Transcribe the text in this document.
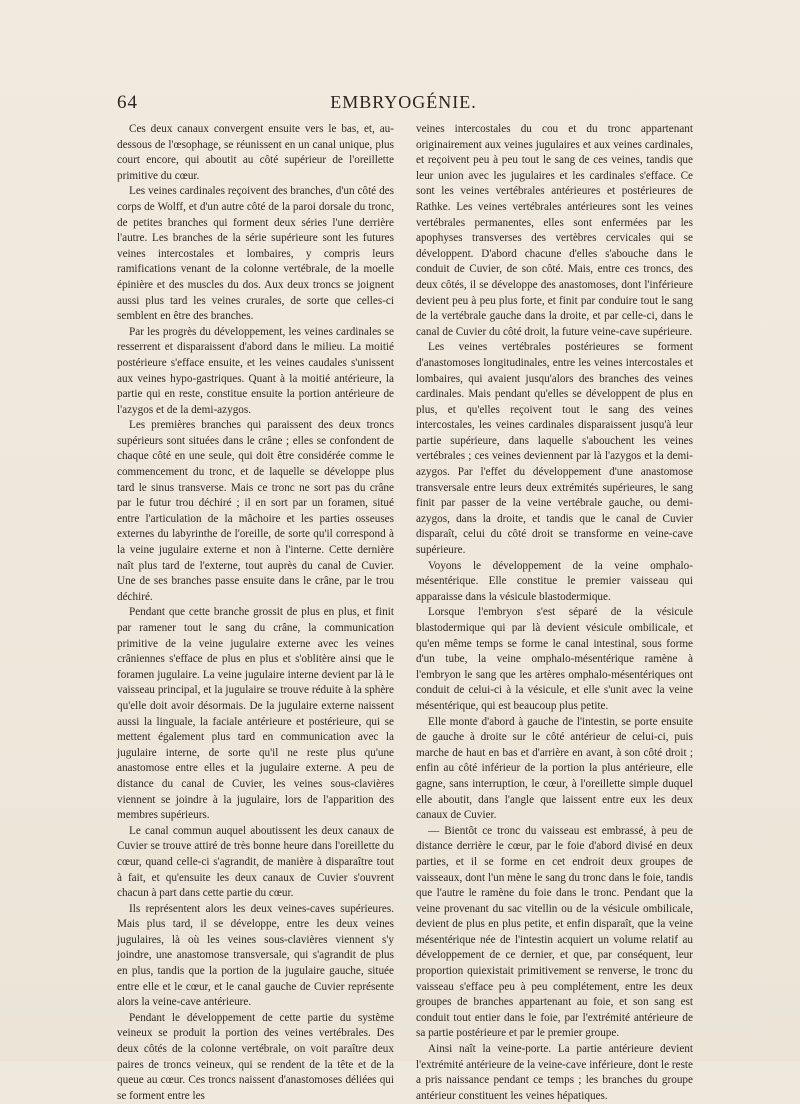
64	EMBRYOGÉNIE.

Ces deux canaux convergent ensuite vers le bas, et, au-dessous de l'œsophage, se réunissent en un canal unique, plus court encore, qui aboutit au côté supérieur de l'oreillette primitive du cœur.

Les veines cardinales reçoivent des branches, d'un côté des corps de Wolff, et d'un autre côté de la paroi dorsale du tronc, de petites branches qui forment deux séries l'une derrière l'autre. Les branches de la série supérieure sont les futures veines intercostales et lombaires, y compris leurs ramifications venant de la colonne vertébrale, de la moelle épinière et des muscles du dos. Aux deux troncs se joignent aussi plus tard les veines crurales, de sorte que celles-ci semblent en être des branches.

Par les progrès du développement, les veines cardinales se resserrent et disparaissent d'abord dans le milieu. La moitié postérieure s'efface ensuite, et les veines caudales s'unissent aux veines hypo-gastriques. Quant à la moitié antérieure, la partie qui en reste, constitue ensuite la portion antérieure de l'azygos et de la demi-azygos.

Les premières branches qui paraissent des deux troncs supérieurs sont situées dans le crâne ; elles se confondent de chaque côté en une seule, qui doit être considérée comme le commencement du tronc, et de laquelle se développe plus tard le sinus transverse. Mais ce tronc ne sort pas du crâne par le futur trou déchiré ; il en sort par un foramen, situé entre l'articulation de la mâchoire et les parties osseuses externes du labyrinthe de l'oreille, de sorte qu'il correspond à la veine jugulaire externe et non à l'interne. Cette dernière naît plus tard de l'externe, tout auprès du canal de Cuvier. Une de ses branches passe ensuite dans le crâne, par le trou déchiré.

Pendant que cette branche grossit de plus en plus, et finit par ramener tout le sang du crâne, la communication primitive de la veine jugulaire externe avec les veines crâniennes s'efface de plus en plus et s'oblitère ainsi que le foramen jugulaire. La veine jugulaire interne devient par là le vaisseau principal, et la jugulaire se trouve réduite à la sphère qu'elle doit avoir désormais. De la jugulaire externe naissent aussi la linguale, la faciale antérieure et postérieure, qui se mettent également plus tard en communication avec la jugulaire interne, de sorte qu'il ne reste plus qu'une anastomose entre elles et la jugulaire externe. A peu de distance du canal de Cuvier, les veines sous-clavières viennent se joindre à la jugulaire, lors de l'apparition des membres supérieurs.

Le canal commun auquel aboutissent les deux canaux de Cuvier se trouve attiré de très bonne heure dans l'oreillette du cœur, quand celle-ci s'agrandit, de manière à disparaître tout à fait, et qu'ensuite les deux canaux de Cuvier s'ouvrent chacun à part dans cette partie du cœur.

Ils représentent alors les deux veines-caves supérieures. Mais plus tard, il se développe, entre les deux veines jugulaires, là où les veines sous-clavières viennent s'y joindre, une anastomose transversale, qui s'agrandit de plus en plus, tandis que la portion de la jugulaire gauche, située entre elle et le cœur, et le canal gauche de Cuvier représente alors la veine-cave antérieure.

Pendant le développement de cette partie du système veineux se produit la portion des veines vertébrales. Des deux côtés de la colonne vertébrale, on voit paraître deux paires de troncs veineux, qui se rendent de la tête et de la queue au cœur. Ces troncs naissent d'anastomoses déliées qui se forment entre les

veines intercostales du cou et du tronc appartenant originairement aux veines jugulaires et aux veines cardinales, et reçoivent peu à peu tout le sang de ces veines, tandis que leur union avec les jugulaires et les cardinales s'efface. Ce sont les veines vertébrales antérieures et postérieures de Rathke. Les veines vertébrales antérieures sont les veines vertébrales permanentes, elles sont enfermées par les apophyses transverses des vertèbres cervicales qui se développent. D'abord chacune d'elles s'abouche dans le conduit de Cuvier, de son côté. Mais, entre ces troncs, des deux côtés, il se développe des anastomoses, dont l'inférieure devient peu à peu plus forte, et finit par conduire tout le sang de la vertébrale gauche dans la droite, et par celle-ci, dans le canal de Cuvier du côté droit, la future veine-cave supérieure.

Les veines vertébrales postérieures se forment d'anastomoses longitudinales, entre les veines intercostales et lombaires, qui avaient jusqu'alors des branches des veines cardinales. Mais pendant qu'elles se développent de plus en plus, et qu'elles reçoivent tout le sang des veines intercostales, les veines cardinales disparaissent jusqu'à leur partie supérieure, dans laquelle s'abouchent les veines vertébrales ; ces veines deviennent par là l'azygos et la demi-azygos. Par l'effet du développement d'une anastomose transversale entre leurs deux extrémités supérieures, le sang finit par passer de la veine vertébrale gauche, ou demi-azygos, dans la droite, et tandis que le canal de Cuvier disparaît, celui du côté droit se transforme en veine-cave supérieure.

Voyons le développement de la veine omphalo-mésentérique. Elle constitue le premier vaisseau qui apparaisse dans la vésicule blastodermique.

Lorsque l'embryon s'est séparé de la vésicule blastodermique qui par là devient vésicule ombilicale, et qu'en même temps se forme le canal intestinal, sous forme d'un tube, la veine omphalo-mésentérique ramène à l'embryon le sang que les artères omphalo-mésentériques ont conduit de celui-ci à la vésicule, et elle s'unit avec la veine mésentérique, qui est beaucoup plus petite.

Elle monte d'abord à gauche de l'intestin, se porte ensuite de gauche à droite sur le côté antérieur de celui-ci, puis marche de haut en bas et d'arrière en avant, à son côté droit ; enfin au côté inférieur de la portion la plus antérieure, elle gagne, sans interruption, le cœur, à l'oreillette simple duquel elle aboutit, dans l'angle que laissent entre eux les deux canaux de Cuvier.

— Bientôt ce tronc du vaisseau est embrassé, à peu de distance derrière le cœur, par le foie d'abord divisé en deux parties, et il se forme en cet endroit deux groupes de vaisseaux, dont l'un mène le sang du tronc dans le foie, tandis que l'autre le ramène du foie dans le tronc. Pendant que la veine provenant du sac vitellin ou de la vésicule ombilicale, devient de plus en plus petite, et enfin disparaît, que la veine mésentérique née de l'intestin acquiert un volume relatif au développement de ce dernier, et que, par conséquent, leur proportion quiexistait primitivement se renverse, le tronc du vaisseau s'efface peu à peu complétement, entre les deux groupes de branches appartenant au foie, et son sang est conduit tout entier dans le foie, par l'extrémité antérieure de sa partie postérieure et par le premier groupe.

Ainsi naît la veine-porte. La partie antérieure devient l'extrémité antérieure de la veine-cave inférieure, dont le reste a pris naissance pendant ce temps ; les branches du groupe antérieur constituent les veines hépatiques.
